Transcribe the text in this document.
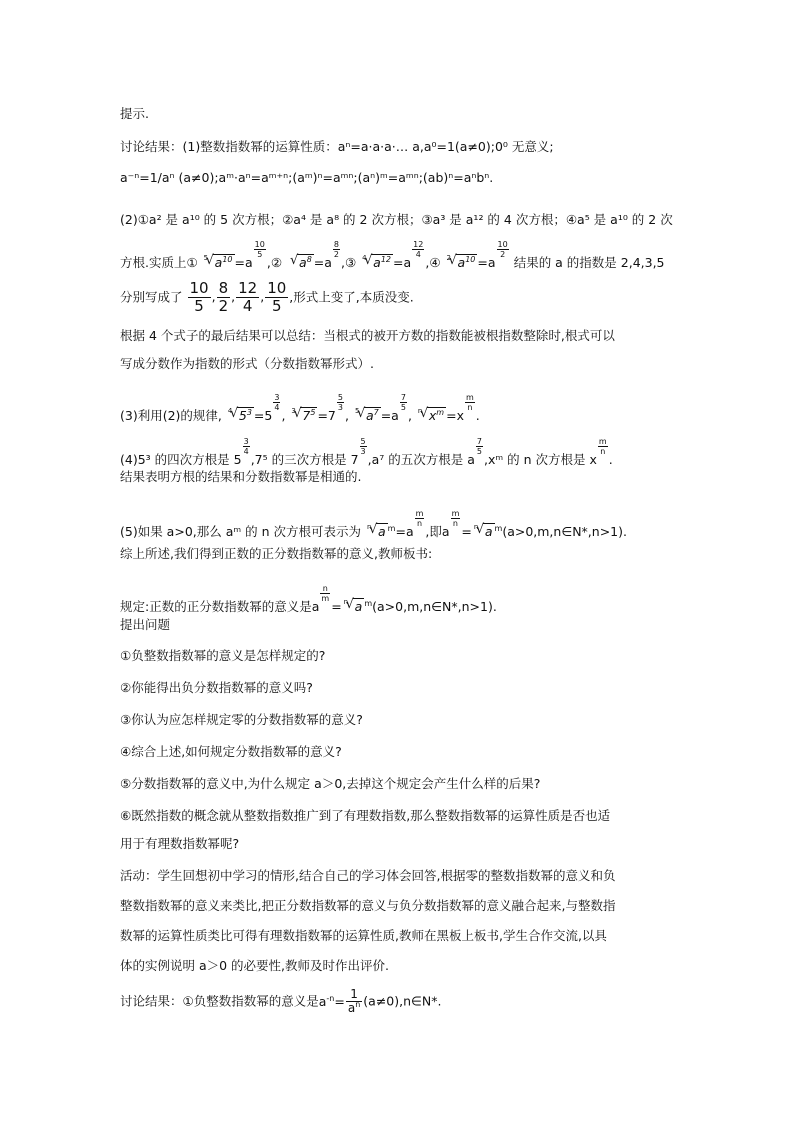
提示.
讨论结果：(1)整数指数幂的运算性质：aⁿ=a·a·a·… a,a⁰=1(a≠0);0⁰ 无意义;
a⁻ⁿ=1/aⁿ (a≠0);aᵐ·aⁿ=aᵐ⁺ⁿ;(aᵐ)ⁿ=aᵐⁿ;(aⁿ)ᵐ=aᵐⁿ;(ab)ⁿ=aⁿbⁿ.
(2)①a² 是 a¹⁰ 的 5 次方根；②a⁴ 是 a⁸ 的 2 次方根；③a³ 是 a¹² 的 4 次方根；④a⁵ 是 a¹⁰ 的 2 次
方根.实质上① √ 5 $a^{10} =a$
$\frac{10}{5}$
,②
√ $a^8 =a$
$\frac{8}{2}$
,③ √ 4 $a^{12} =a$
$\frac{12}{4}$
,④ √ 2 $a^{10} =a$
$\frac{10}{2}$
结果的 a 的指数是 2,4,3,5
分别写成了 $\frac{10}{5}$ , $\frac{8}{2}$ , $\frac{12}{4}$ , $\frac{10}{5}$ ,形式上变了,本质没变.
根据 4 个式子的最后结果可以总结：当根式的被开方数的指数能被根指数整除时,根式可以
写成分数作为指数的形式（分数指数幂形式）.
(3)利用(2)的规律, √ 4 $5^3 =5$
$\frac{3}{4}$
, √ 3 $7^5 =7$
$\frac{5}{3}$
, √ 5 $a^7 =a$
$\frac{7}{5}$
, √ n $x^m =x$
$\frac{m}{n}$
.
(4)5³ 的四次方根是 5
$\frac{3}{4}$
,7⁵ 的三次方根是 7
$\frac{5}{3}$
,a⁷ 的五次方根是 a
$\frac{7}{5}$
,xᵐ 的 n 次方根是 x
$\frac{m}{n}$
.
结果表明方根的结果和分数指数幂是相通的.
(5)如果 a>0,那么 aᵐ 的 n 次方根可表示为 √ n a $^m$=a
$\frac{m}{n}$
,即a
$\frac{m}{n}$
= √ n a $^m$(a>0,m,n∈N*,n>1).
综上所述,我们得到正数的正分数指数幂的意义,教师板书:
规定:正数的正分数指数幂的意义是a
$\frac{n}{m}$
= √ n a $^m$(a>0,m,n∈N*,n>1).
提出问题
①负整数指数幂的意义是怎样规定的?
②你能得出负分数指数幂的意义吗?
③你认为应怎样规定零的分数指数幂的意义?
④综合上述,如何规定分数指数幂的意义?
⑤分数指数幂的意义中,为什么规定 a＞0,去掉这个规定会产生什么样的后果?
⑥既然指数的概念就从整数指数推广到了有理数指数,那么整数指数幂的运算性质是否也适
用于有理数指数幂呢?
活动：学生回想初中学习的情形,结合自己的学习体会回答,根据零的整数指数幂的意义和负
整数指数幂的意义来类比,把正分数指数幂的意义与负分数指数幂的意义融合起来,与整数指
数幂的运算性质类比可得有理数指数幂的运算性质,教师在黑板上板书,学生合作交流,以具
体的实例说明 a＞0 的必要性,教师及时作出评价.
讨论结果：①负整数指数幂的意义是$a^{-n}= \frac{1}{a^n}$ (a≠0),n∈N*.
